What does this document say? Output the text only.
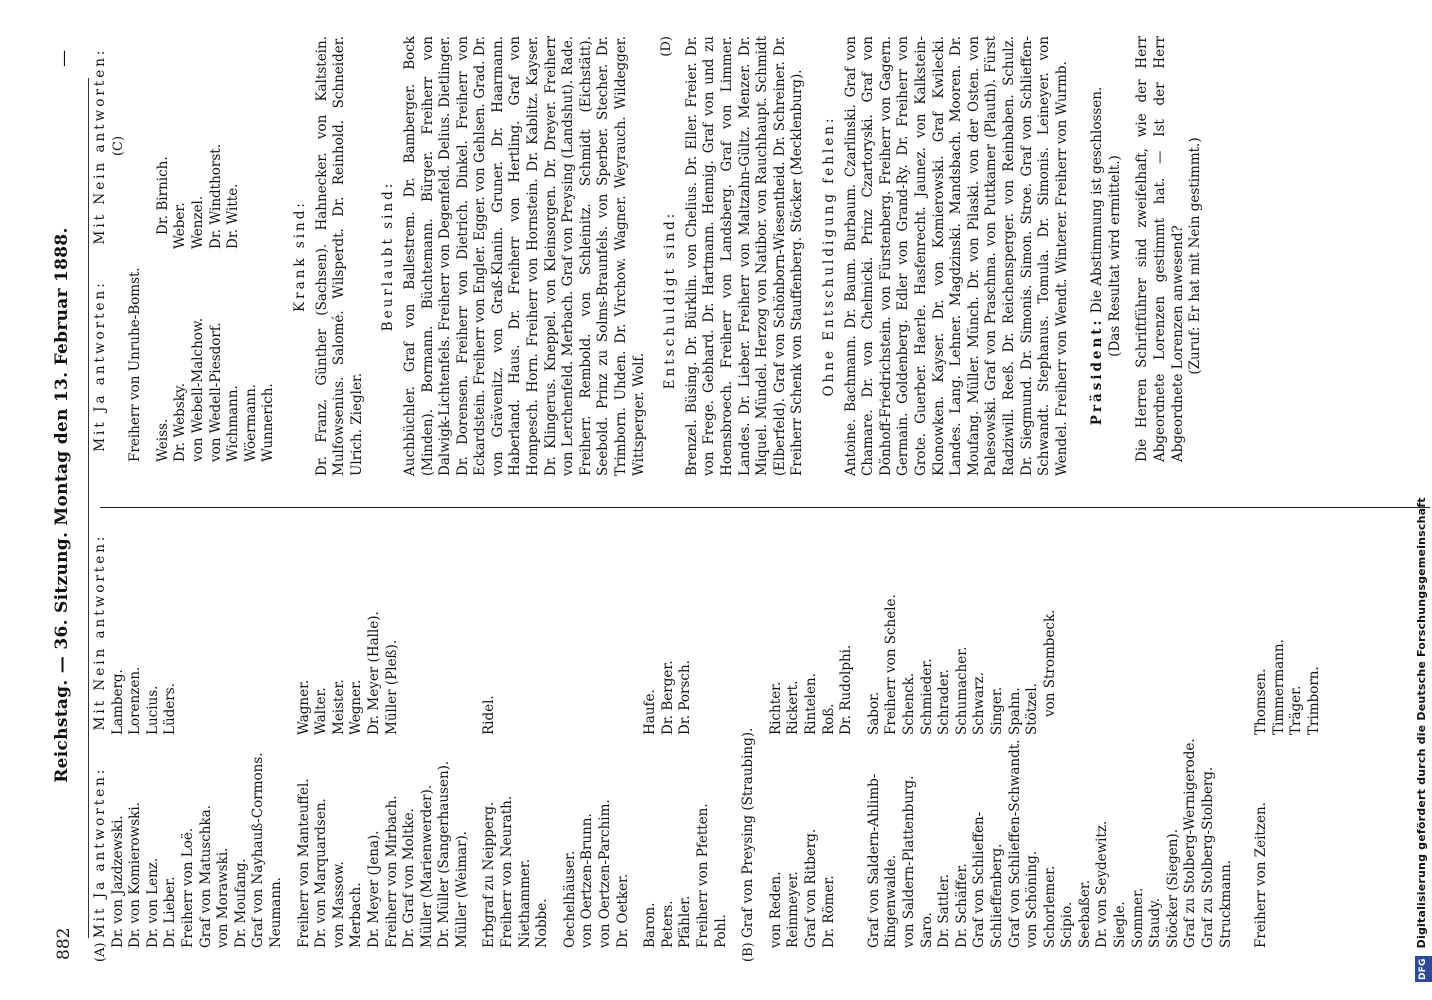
882
Reichstag. — 36. Sitzung. Montag den 13. Februar 1888.
—
(A) Mit Ja antworten:
Mit Nein antworten:
Dr. von Jazdzewski. Dr. von Komierowski. Dr. von Lenz. Dr. Lieber. Freiherr von Loë. Graf von Matuschka. von Morawski. Dr. Moufang. Graf von Nayhauß-Cormons. Neumann.
Lamberg. Lorenzen. Lucius. Lüders.
Freiherr von Manteuffel. Dr. von Marquardsen. von Massow. Merbach. Dr. Meyer (Jena). Freiherr von Mirbach. Dr. Graf von Moltke. Müller (Marienwerder). Dr. Müller (Sangerhausen). Müller (Weimar).
Wagner. Walter. Meister. Wegner. Dr. Meyer (Halle). Müller (Pleß).
Erbgraf zu Neipperg. Freiherr von Neurath. Niethammer. Nobbe.
Ridel.
Oechelhäuser. von Oertzen-Brunn. von Oertzen-Parchim. Dr. Oetker. Baron. Peters. Pfähler. Freiherr von Pfetten. Pohl.
Haufe. Dr. Berger. Dr. Porsch.
(B) Graf von Preysing (Straubing). von Reden. Reinmeyer. Graf von Ritberg. Dr. Römer.
Richter. Rickert. Rintelen. Roß. Dr. Rudolphi.
Graf von Saldern-Ahlimb-Ringenwalde. von Saldern-Plattenburg. Saro. Dr. Sattler. Dr. Schäffer. Graf von Schlieffen-Schlieffenberg. Graf von Schlieffen-Schwandt. von Schöning. Schorlemer. Scipio. Seebaßer. Dr. von Seydewitz. Siegle. Sommer. Staudy. Stöcker (Siegen). Graf zu Stolberg-Wernigerode. Graf zu Stolberg-Stolberg. Struckmann.
Sabor. Freiherr von Schele. Schenck. Schmieder. Schrader. Schumacher. Schwarz. Singer. Spahn. Stötzel. von Strombeck.
Freiherr von Zeitzen.
Thomsen. Timmermann. Träger. Trimborn.
Mit Ja antworten:
Mit Nein antworten: (C)
Freiherr von Unruhe-Bomst. Weiss. Dr. Websky. von Webell-Malchow. von Wedell-Piesdorf. Wichmann. Wöermann. Wunnerich.
Dr. Birnich. Weber. Wenzel. Dr. Windthorst. Dr. Witte.	Krank sind: Dr. Franz. Günther (Sachsen). Hahnecker. von Kaltstein. Mulfowsenius. Salomé. Wilsperdt. Dr. Reinhold. Schneider. Ulrich. Ziegler.
Beurlaubt sind: Auchbüchler. Graf von Ballestrem. Dr. Bamberger. Bock (Minden). Bormann. Büchtemann. Bürger. Freiherr von Dalwigk-Lichtenfels. Freiherr von Degenfeld. Delius. Dietlinger. Dr. Dorensen. Freiherr von Dietrich. Dinkel. Freiherr von Eckardstein. Freiherr von Engler. Egger. von Gehlsen. Grad. Dr. von Grävenitz. von Graß-Klanin. Gruner. Dr. Haarmann. Haberland. Haus. Dr. Freiherr von Hertling. Graf von Hompesch. Horn. Freiherr von Hornstein. Dr. Kablitz. Kayser. Dr. Klingerus. Kneppel. von Kleinsorgen. Dr. Dreyer. Freiherr von Lerchenfeld. Merbach. Graf von Preysing (Landshut). Rade. Freiherr. Rembold. von Schleinitz. Schmidt (Eichstätt). Seebold. Prinz zu Solms-Braunfels. von Sperber. Stecher. Dr. Trimborn. Uhden. Dr. Virchow. Wagner. Weyrauch. Wildegger. Wittsperger. Wolf.
Entschuldigt sind:
(D) Brenzel. Büsing. Dr. Bürklin. von Chelius. Dr. Eller. Freier. Dr. von Frege. Gebhard. Dr. Hartmann. Hennig. Graf von und zu Hoensbroech. Freiherr von Landsberg. Graf von Limmer. Landes. Dr. Lieber. Freiherr von Maltzahn-Gültz. Menzer. Dr. Miquel. Mündel. Herzog von Natibor. von Rauchhaupt. Schmidt (Elberfeld). Graf von Schönborn-Wiesentheid. Dr. Schreiner. Dr. Freiherr Schenk von Stauffenberg. Stöcker (Mecklenburg). Ohne Entschuldigung fehlen: Antoine. Bachmann. Dr. Baum. Burbaum. Czarlinski. Graf von Chamare. Dr. von Chelmicki. Prinz Czartoryski. Graf von Dönhoff-Friedrichstein. von Fürstenberg. Freiherr von Gagern. Germain. Goldenberg. Edler von Grand-Ry. Dr. Freiherr von Grote. Guerber. Haerle. Hasfenrecht. Jaunez. von Kalkstein-Klonowken. Kayser. Dr. von Komierowski. Graf Kwilecki. Landes. Lang. Lehner. Magdzinski. Mandsbach. Mooren. Dr. Moufang. Müller. Münch. Dr. von Pilaski. von der Osten. von Palesowski. Graf von Praschma. von Puttkamer (Plauth). Fürst Radziwill. Reeß. Dr. Reichensperger. von Reinbaben. Schulz. Dr. Siegmund. Dr. Simonis. Simon. Stroe. Graf von Schlieffen-Schwandt. Stephanus. Tomula. Dr. Simonis. Leineyer. von Wendel. Freiherr von Wendt. Winterer. Freiherr von Wurmb. Präsident: Die Abstimmung ist geschlossen. (Das Resultat wird ermittelt.) Die Herren Schriftführer sind zweifelhaft, wie der Herr Abgeordnete Lorenzen gestimmt hat. — Ist der Herr Abgeordnete Lorenzen anwesend? (Zuruf: Er hat mit Nein gestimmt.)
DFG Digitalisierung gefördert durch die Deutsche Forschungsgemeinschaft
